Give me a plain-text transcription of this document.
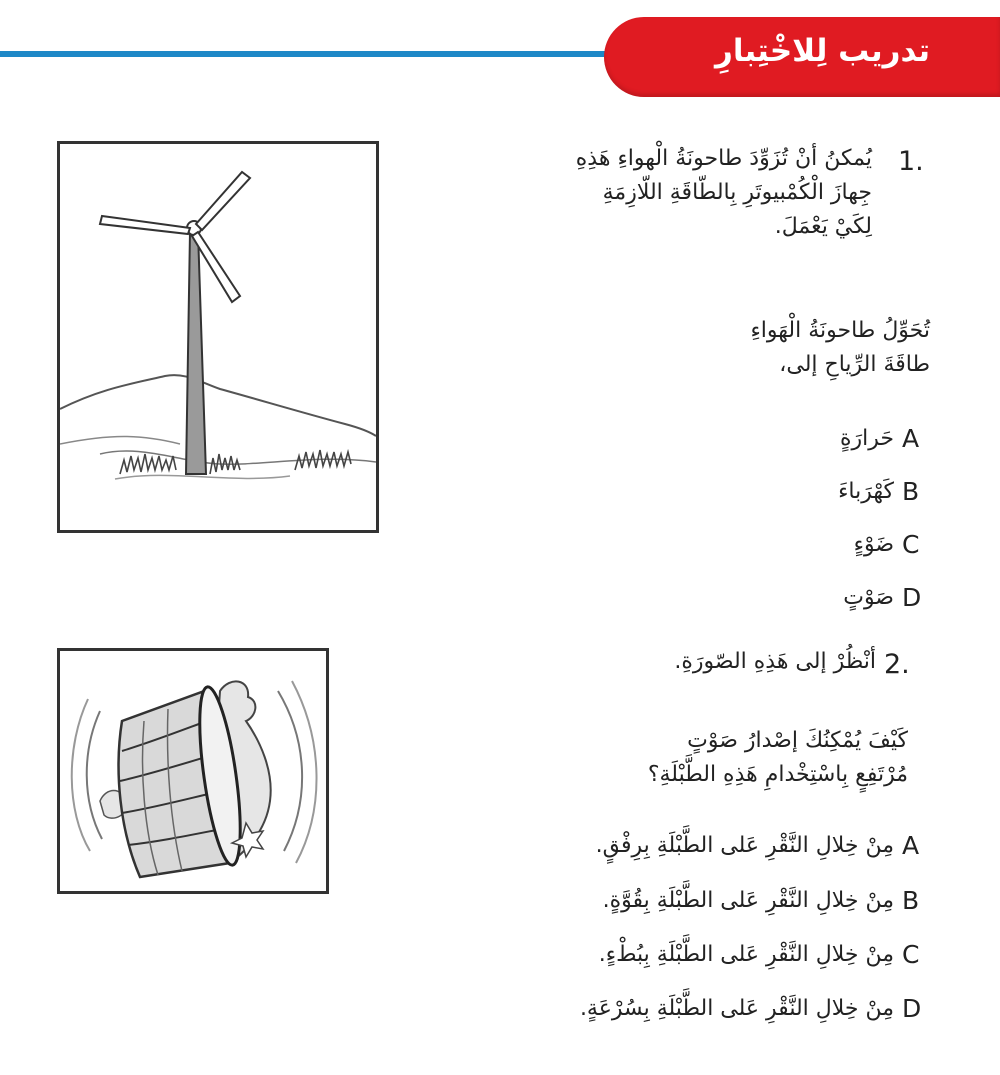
تدريب لِلاخْتِبارِ
1.
يُمكنُ أنْ تُزَوِّدَ طاحونَةُ الْهواءِ هَذِهِ
جِهازَ الْكُمْبيوتَرِ بِالطّاقَةِ اللّازِمَةِ
لِكَيْ يَعْمَلَ.
تُحَوِّلُ طاحونَةُ الْهَواءِ
طاقَةَ الرِّياحِ إلى،
حَرارَةٍ A
كَهْرَباءَ B
ضَوْءٍ C
صَوْتٍ D
2.
أنْظُرْ إلى هَذِهِ الصّورَةِ.
كَيْفَ يُمْكِنُكَ إصْدارُ صَوْتٍ
مُرْتَفِعٍ بِاسْتِخْدامِ هَذِهِ الطَّبْلَةِ؟
مِنْ خِلالِ النَّقْرِ عَلى الطَّبْلَةِ بِرِفْقٍ. A
مِنْ خِلالِ النَّقْرِ عَلى الطَّبْلَةِ بِقُوَّةٍ. B
مِنْ خِلالِ النَّقْرِ عَلى الطَّبْلَةِ بِبُطْءٍ. C
مِنْ خِلالِ النَّقْرِ عَلى الطَّبْلَةِ بِسُرْعَةٍ. D
